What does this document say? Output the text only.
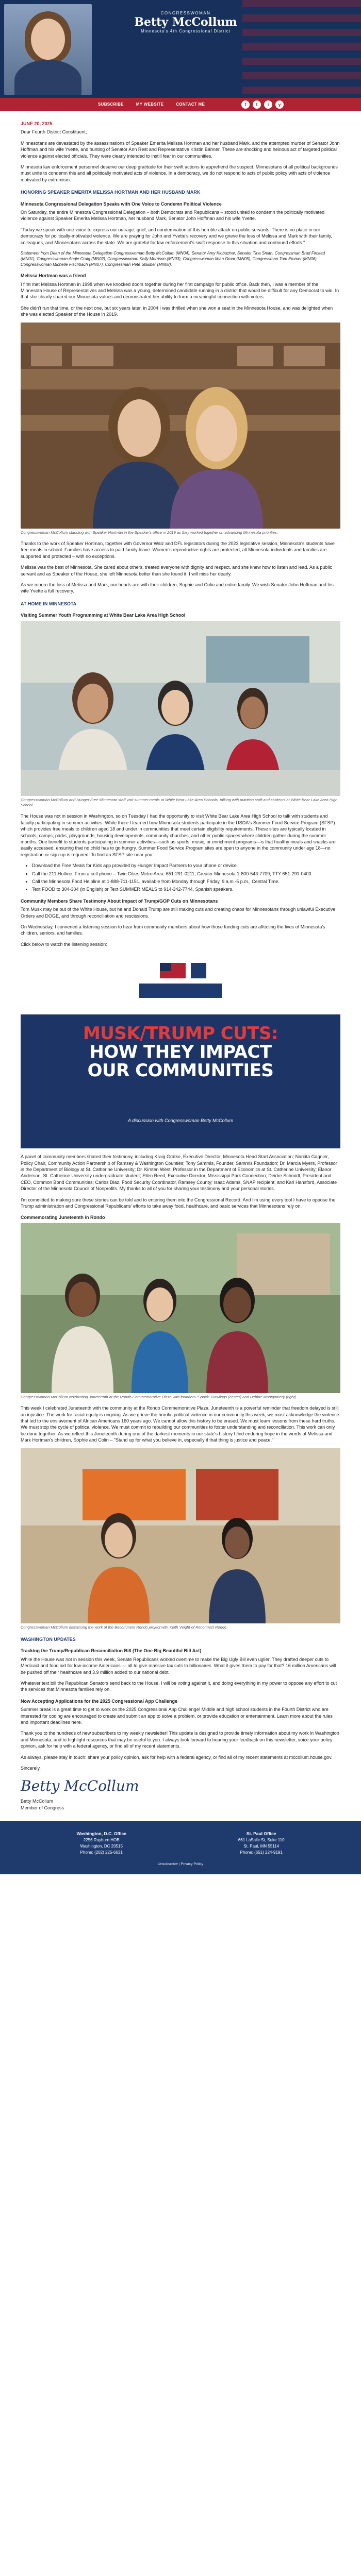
CONGRESSWOMAN
Betty McCollum
Minnesota's 4th Congressional District
SUBSCRIBE	MY WEBSITE	CONTACT ME	f	t	i	y
JUNE 20, 2025

Dear Fourth District Constituent,

Minnesotans are devastated by the assassinations of Speaker Emerita Melissa Hortman and her husband Mark, and the attempted murder of Senator John Hoffman and his wife Yvette, and hunting of Senator Ann Rest and Representative Kristin Bahner. These are shocking and heinous act of targeted political violence against elected officials. They were clearly intended to instill fear in our communities.

Minnesota law enforcement personnel deserve our deep gratitude for their swift actions to apprehend the suspect. Minnesotans of all political backgrounds must unite to condemn this and all politically motivated acts of violence. In a democracy, we do not respond to acts of public policy with acts of violence motivated by extremism.

HONORING SPEAKER EMERITA MELISSA HORTMAN AND HER HUSBAND MARK
Minnesota Congressional Delegation Speaks with One Voice to Condemn Political Violence

On Saturday, the entire Minnesota Congressional Delegation – both Democrats and Republicans – stood united to condemn the politically motivated violence against Speaker Emerita Melissa Hortman, her husband Mark, Senator John Hoffman and his wife Yvette.

"Today we speak with one voice to express our outrage, grief, and condemnation of this horrible attack on public servants. There is no place in our democracy for politically-motivated violence. We are praying for John and Yvette's recovery and we grieve the loss of Melissa and Mark with their family, colleagues, and Minnesotans across the state. We are grateful for law enforcement's swift response to this situation and continued efforts."

Statement from Dean of the Minnesota Delegation Congresswoman Betty McCollum (MN04), Senator Amy Klobuchar, Senator Tina Smith, Congressman Brad Finstad (MN01), Congresswoman Angie Craig (MN02), Congresswoman Kelly Morrison (MN03), Congresswoman Ilhan Omar (MN05), Congressman Tom Emmer (MN06), Congresswoman Michelle Fischbach (MN07), Congressman Pete Stauber (MN08).

Melissa Hortman was a friend

I first met Melissa Hortman in 1998 when we knocked doors together during her first campaign for public office. Back then, I was a member of the Minnesota House of Representatives and Melissa was a young, determined candidate running in a district that would be difficult for any Democrat to win. In that she clearly shared our Minnesota values and demonstrated her ability to form a meaningful connection with voters.

She didn't run that time, or the next one, but six years later, in 2004 I was thrilled when she won a seat in the Minnesota House, and was delighted when she was elected Speaker of the House in 2019.

Congresswoman McCollum standing with Speaker Hortman in the Speaker's office in 2019 as they worked together on advancing Minnesota priorities.

Thanks to the work of Speaker Hortman, together with Governor Walz and DFL legislators during the 2023 legislative session, Minnesota's students have free meals in school. Families have access to paid family leave. Women's reproductive rights are protected, all Minnesota individuals and families are supported and protected – with no exceptions.

Melissa was the best of Minnesota. She cared about others, treated everyone with dignity and respect, and she knew how to listen and lead. As a public servant and as Speaker of the House, she left Minnesota better than she found it. I will miss her dearly.

As we mourn the loss of Melissa and Mark, our hearts are with their children, Sophie and Colin and entire family. We wish Senator John Hoffman and his wife Yvette a full recovery.

AT HOME IN MINNESOTA
Visiting Summer Youth Programming at White Bear Lake Area High School
Congresswoman McCollum and Hunger Free Minnesota staff visit summer meals at White Bear Lake Area Schools, talking with nutrition staff and students at White Bear Lake Area High School.

The House was not in session in Washington, so on Tuesday I had the opportunity to visit White Bear Lake Area High School to talk with students and faculty participating in summer activities. While there I learned how Minnesota students participate in the USDA's Summer Food Service Program (SFSP) which provides free meals to children aged 18 and under in communities that meet certain eligibility requirements. These sites are typically located in schools, camps, parks, playgrounds, housing developments, community churches, and other public spaces where children gather during the summer months. One benefit to students participating in summer activities—such as sports, music, or enrichment programs—is that healthy meals and snacks are easily accessed, ensuring that no child has to go hungry. Summer Food Service Program sites are open to anyone in the community under age 18—no registration or sign-up is required. To find an SFSP site near you:

• Download the Free Meals for Kids app provided by Hunger Impact Partners to your phone or device.
• Call the 211 Hotline. From a cell phone – Twin Cities Metro Area: 651-291-0211; Greater Minnesota 1-800-543-7709; TTY 651-291-0403.
• Call the Minnesota Food Helpline at 1-888-711-1151, available from Monday through Friday, 9 a.m.-5 p.m., Central Time.
• Text FOOD to 304-304 (in English) or Text SUMMER MEALS to 914-342-7744, Spanish speakers.
Community Members Share Testimony About Impact of Trump/GOP Cuts on Minnesotans

Tom Musk may be out of the White House, but he and Donald Trump are still making cuts and creating chaos for Minnesotans through unlawful Executive Orders and DOGE, and through reconciliation and rescissions.

On Wednesday, I convened a listening session to hear from community members about how those funding cuts are affecting the lives of Minnesota's children, seniors, and families.

Click below to watch the listening session:

MUSK/TRUMP CUTS:
HOW THEY IMPACT
OUR COMMUNITIES
A discussion with Congresswoman Betty McCollum

A panel of community members shared their testimony, including Kraig Gratke, Executive Director, Minnesota Head Start Association; Narcita Gagnier, Policy Chair, Community Action Partnership of Ramsey & Washington Counties; Tony Sammis, Founder, Sammis Foundation; Dr. Marcia Myers, Professor in the Department of Biology at St. Catherine University; Dr. Kirsten West, Professor in the Department of Economics at St. Catherine University; Elanor Anderson, St. Catherine University undergraduate student; Ellen Reed, Executive Director, Mississippi Park Connection; Deidre Schmidt, President and CEO, Common Bond Communities; Carlos Diaz, Food Security Coordinator, Ramsey County; Isaac Adams, SNAP recipient; and Kari Hansford, Associate Director of the Minnesota Council of Nonprofits. My thanks to all of you for sharing your testimony and your personal stories.

I'm committed to making sure these stories can be told and to entering them into the Congressional Record. And I'm using every tool I have to oppose the Trump administration and Congressional Republicans' efforts to take away food, healthcare, and basic services that Minnesotans rely on.

Commemorating Juneteenth in Rondo
Congresswoman McCollum celebrating Juneteenth at the Rondo Commemorative Plaza with founders "Spock" Rawlings (center) and Debbie Montgomery (right).

This week I celebrated Juneteenth with the community at the Rondo Commemorative Plaza. Juneteenth is a powerful reminder that freedom delayed is still an injustice. The work for racial equity is ongoing. As we grieve the horrific political violence in our community this week, we must acknowledge the violence that led to the enslavement of African Americans 160 years ago. We cannot allow this history to be erased. We must learn lessons from these hard truths. We must stop the cycle of political violence. We must commit to rebuilding our communities to foster understanding and reconciliation. This work can only be done together. As we reflect this Juneteenth during one of the darkest moments in our state's history I find enduring hope in the words of Melissa and Mark Hortman's children, Sophie and Colin – "Stand up for what you believe in, especially if that thing is justice and peace."

Congresswoman McCollum discussing the work of the Becomment Rondo project with Keith Veight of Reconnect Rondo.
WASHINGTON UPDATES
Tracking the Trump/Republican Reconciliation Bill (The One Big Beautiful Bill Act)

While the House was not in session this week, Senate Republicans worked overtime to make the Big Ugly Bill even uglier. They drafted deeper cuts to Medicaid and food aid for low-income Americans — all to give massive tax cuts to billionaires. What it gives them to pay for that? 16 million Americans will be pushed off their healthcare and 3.9 million added to our national debt.

Whatever text bill the Republican Senators send back to the House, I will be voting against it, and doing everything in my power to oppose any effort to cut the services that Minnesota families rely on.

Now Accepting Applications for the 2025 Congressional App Challenge

Summer break is a great time to get to work on the 2025 Congressional App Challenge! Middle and high school students in the Fourth District who are interested for coding are encouraged to create and submit an app to solve a problem, or provide education or entertainment. Learn more about the rules and important deadlines here.

Thank you to the hundreds of new subscribers to my weekly newsletter! This update is designed to provide timely information about my work in Washington and Minnesota, and to highlight resources that may be useful to you. I always look forward to hearing your feedback on this newsletter, voice your policy opinion, ask for help with a federal agency, or find all of my recent statements.

As always, please stay in touch: share your policy opinion, ask for help with a federal agency, or find all of my recent statements at mccollum.house.gov.

Sincerely,

Betty McCollum

Betty McCollum
Member of Congress

Washington, D.C. Office
2256 Rayburn HOB
Washington, DC 20515
Phone: (202) 225-6631
St. Paul Office
661 LaSalle St, Suite 110
St. Paul, MN 55114
Phone: (651) 224-9191
Unsubscribe | Privacy Policy
